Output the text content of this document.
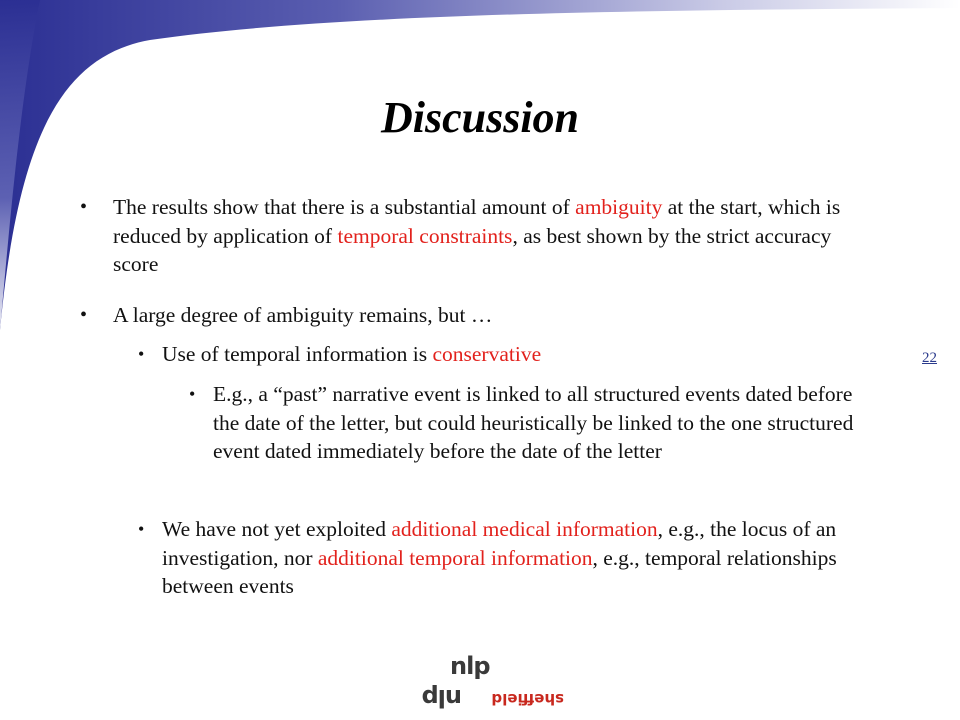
Discussion
• The results show that there is a substantial amount of ambiguity at the start, which is reduced by application of temporal constraints, as best shown by the strict accuracy score
• A large degree of ambiguity remains, but …
• Use of temporal information is conservative
• E.g., a “past” narrative event is linked to all structured events dated before the date of the letter, but could heuristically be linked to the one structured event dated immediately before the date of the letter
• We have not yet exploited additional medical information, e.g., the locus of an investigation, nor additional temporal information, e.g., temporal relationships between events
22
nlp
nlp sheffield
